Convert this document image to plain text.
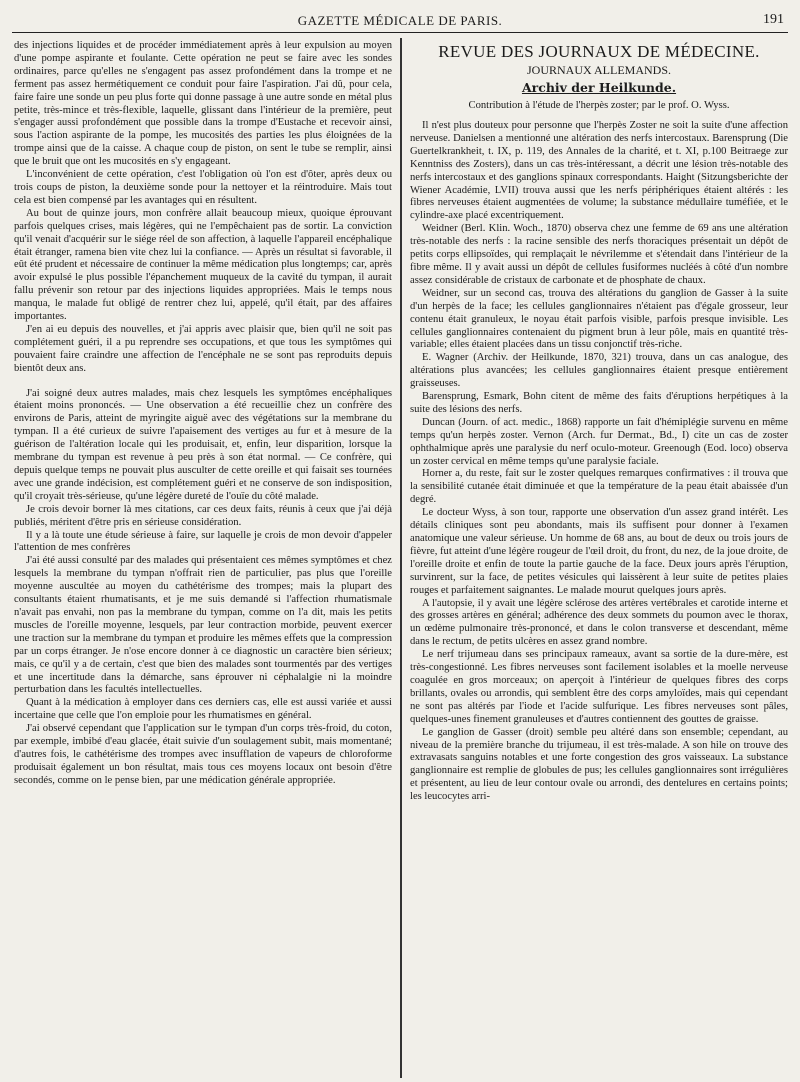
GAZETTE MÉDICALE DE PARIS.	191

des injections liquides et de procéder immédiatement après à leur expulsion au moyen d'une pompe aspirante et foulante. Cette opération ne peut se faire avec les sondes ordinaires, parce qu'elles ne s'engagent pas assez profondément dans la trompe et ne ferment pas assez hermétiquement ce conduit pour faire l'aspiration. J'ai dû, pour cela, faire faire une sonde un peu plus forte qui donne passage à une autre sonde en métal plus petite, très-mince et très-flexible, laquelle, glissant dans l'intérieur de la première, peut s'engager aussi profondément que possible dans la trompe d'Eustache et recevoir ainsi, sous l'action aspirante de la pompe, les mucosités des parties les plus éloignées de la trompe ainsi que de la caisse. A chaque coup de piston, on sent le tube se remplir, ainsi que le bruit que ont les mucosités en s'y engageant.

L'inconvénient de cette opération, c'est l'obligation où l'on est d'ôter, après deux ou trois coups de piston, la deuxième sonde pour la nettoyer et la réintroduire. Mais tout cela est bien compensé par les avantages qui en résultent.

Au bout de quinze jours, mon confrère allait beaucoup mieux, quoique éprouvant parfois quelques crises, mais légères, qui ne l'empêchaient pas de sortir. La conviction qu'il venait d'acquérir sur le siége réel de son affection, à laquelle l'appareil encéphalique était étranger, ramena bien vite chez lui la confiance. — Après un résultat si favorable, il eût été prudent et nécessaire de continuer la même médication plus longtemps; car, après avoir expulsé le plus possible l'épanchement muqueux de la cavité du tympan, il aurait fallu prévenir son retour par des injections liquides appropriées. Mais le temps nous manqua, le malade fut obligé de rentrer chez lui, appelé, qu'il était, par des affaires importantes.

J'en ai eu depuis des nouvelles, et j'ai appris avec plaisir que, bien qu'il ne soit pas complétement guéri, il a pu reprendre ses occupations, et que tous les symptômes qui pouvaient faire craindre une affection de l'encéphale ne se sont pas reproduits depuis bientôt deux ans.

J'ai soigné deux autres malades, mais chez lesquels les symptômes encéphaliques étaient moins prononcés. — Une observation a été recueillie chez un confrère des environs de Paris, atteint de myringite aiguë avec des végétations sur la membrane du tympan. Il a été curieux de suivre l'apaisement des vertiges au fur et à mesure de la guérison de l'altération locale qui les produisait, et, enfin, leur disparition, lorsque la membrane du tympan est revenue à peu près à son état normal. — Ce confrère, qui depuis quelque temps ne pouvait plus ausculter de cette oreille et qui faisait ses tournées avec une grande indécision, est complétement guéri et ne conserve de son indisposition, qu'il croyait très-sérieuse, qu'une légère dureté de l'ouïe du côté malade.

Je crois devoir borner là mes citations, car ces deux faits, réunis à ceux que j'ai déjà publiés, méritent d'être pris en sérieuse considération.

Il y a là toute une étude sérieuse à faire, sur laquelle je crois de mon devoir d'appeler l'attention de mes confrères

J'ai été aussi consulté par des malades qui présentaient ces mêmes symptômes et chez lesquels la membrane du tympan n'offrait rien de particulier, pas plus que l'oreille moyenne auscultée au moyen du cathétérisme des trompes; mais la plupart des consultants étaient rhumatisants, et je me suis demandé si l'affection rhumatismale n'avait pas envahi, non pas la membrane du tympan, comme on l'a dit, mais les petits muscles de l'oreille moyenne, lesquels, par leur contraction morbide, peuvent exercer une traction sur la membrane du tympan et produire les mêmes effets que la compression par un corps étranger. Je n'ose encore donner à ce diagnostic un caractère bien sérieux; mais, ce qu'il y a de certain, c'est que bien des malades sont tourmentés par des vertiges et une incertitude dans la démarche, sans éprouver ni céphalalgie ni la moindre perturbation dans les facultés intellectuelles.

Quant à la médication à employer dans ces derniers cas, elle est aussi variée et aussi incertaine que celle que l'on emploie pour les rhumatismes en général.

J'ai observé cependant que l'application sur le tympan d'un corps très-froid, du coton, par exemple, imbibé d'eau glacée, était suivie d'un soulagement subit, mais momentané; d'autres fois, le cathétérisme des trompes avec insufflation de vapeurs de chloroforme produisait également un bon résultat, mais tous ces moyens locaux ont besoin d'être secondés, comme on le pense bien, par une médication générale appropriée.

REVUE DES JOURNAUX DE MÉDECINE.
JOURNAUX ALLEMANDS.
Archiv der Heilkunde.
Contribution à l'étude de l'herpès zoster; par le prof. O. Wyss.

Il n'est plus douteux pour personne que l'herpès Zoster ne soit la suite d'une affection nerveuse. Danielsen a mentionné une altération des nerfs intercostaux. Barensprung (Die Guertelkrankheit, t. IX, p. 119, des Annales de la charité, et t. XI, p.100 Beitraege zur Kenntniss des Zosters), dans un cas très-intéressant, a décrit une lésion très-notable des nerfs intercostaux et des ganglions spinaux correspondants. Haight (Sitzungsberichte der Wiener Académie, LVII) trouva aussi que les nerfs périphériques étaient altérés : les fibres nerveuses étaient augmentées de volume; la substance médullaire tuméfiée, et le cylindre-axe placé excentriquement.

Weidner (Berl. Klin. Woch., 1870) observa chez une femme de 69 ans une altération très-notable des nerfs : la racine sensible des nerfs thoraciques présentait un dépôt de petits corps ellipsoïdes, qui remplaçait le névrilemme et s'étendait dans l'intérieur de la fibre même. Il y avait aussi un dépôt de cellules fusiformes nucléés à côté d'un nombre assez considérable de cristaux de carbonate et de phosphate de chaux.

Weidner, sur un second cas, trouva des altérations du ganglion de Gasser à la suite d'un herpès de la face; les cellules ganglionnaires n'étaient pas d'égale grosseur, leur contenu était granuleux, le noyau était parfois visible, parfois presque invisible. Les cellules ganglionnaires contenaient du pigment brun à leur pôle, mais en quantité très-variable; elles étaient placées dans un tissu conjonctif très-riche.

E. Wagner (Archiv. der Heilkunde, 1870, 321) trouva, dans un cas analogue, des altérations plus avancées; les cellules ganglionnaires étaient presque entièrement graisseuses.

Barensprung, Esmark, Bohn citent de même des faits d'éruptions herpétiques à la suite des lésions des nerfs.

Duncan (Journ. of act. medic., 1868) rapporte un fait d'hémiplégie survenu en même temps qu'un herpès zoster. Vernon (Arch. fur Dermat., Bd., I) cite un cas de zoster ophthalmique après une paralysie du nerf oculo-moteur. Greenough (Eod. loco) observa un zoster cervical en même temps qu'une paralysie faciale.

Horner a, du reste, fait sur le zoster quelques remarques confirmatives : il trouva que la sensibilité cutanée était diminuée et que la température de la peau était abaissée d'un degré.

Le docteur Wyss, à son tour, rapporte une observation d'un assez grand intérêt. Les détails cliniques sont peu abondants, mais ils suffisent pour donner à l'examen anatomique une valeur sérieuse. Un homme de 68 ans, au bout de deux ou trois jours de fièvre, fut atteint d'une légère rougeur de l'œil droit, du front, du nez, de la joue droite, de l'oreille droite et enfin de toute la partie gauche de la face. Deux jours après l'éruption, survinrent, sur la face, de petites vésicules qui laissèrent à leur suite de petites plaies rouges et parfaitement saignantes. Le malade mourut quelques jours après.

A l'autopsie, il y avait une légère sclérose des artères vertébrales et carotide interne et des grosses artères en général; adhérence des deux sommets du poumon avec le thorax, un œdème pulmonaire très-prononcé, et dans le colon transverse et descendant, même dans le rectum, de petits ulcères en assez grand nombre.

Le nerf trijumeau dans ses principaux rameaux, avant sa sortie de la dure-mère, est très-congestionné. Les fibres nerveuses sont facilement isolables et la moelle nerveuse coagulée en gros morceaux; on aperçoit à l'intérieur de quelques fibres des corps brillants, ovales ou arrondis, qui semblent être des corps amyloïdes, mais qui cependant ne sont pas altérés par l'iode et l'acide sulfurique. Les fibres nerveuses sont pâles, quelques-unes finement granuleuses et d'autres contiennent des gouttes de graisse.

Le ganglion de Gasser (droit) semble peu altéré dans son ensemble; cependant, au niveau de la première branche du trijumeau, il est très-malade. A son hile on trouve des extravasats sanguins notables et une forte congestion des gros vaisseaux. La substance ganglionnaire est remplie de globules de pus; les cellules ganglionnaires sont irrégulières et présentent, au lieu de leur contour ovale ou arrondi, des dentelures en certains points; les leucocytes arri-
